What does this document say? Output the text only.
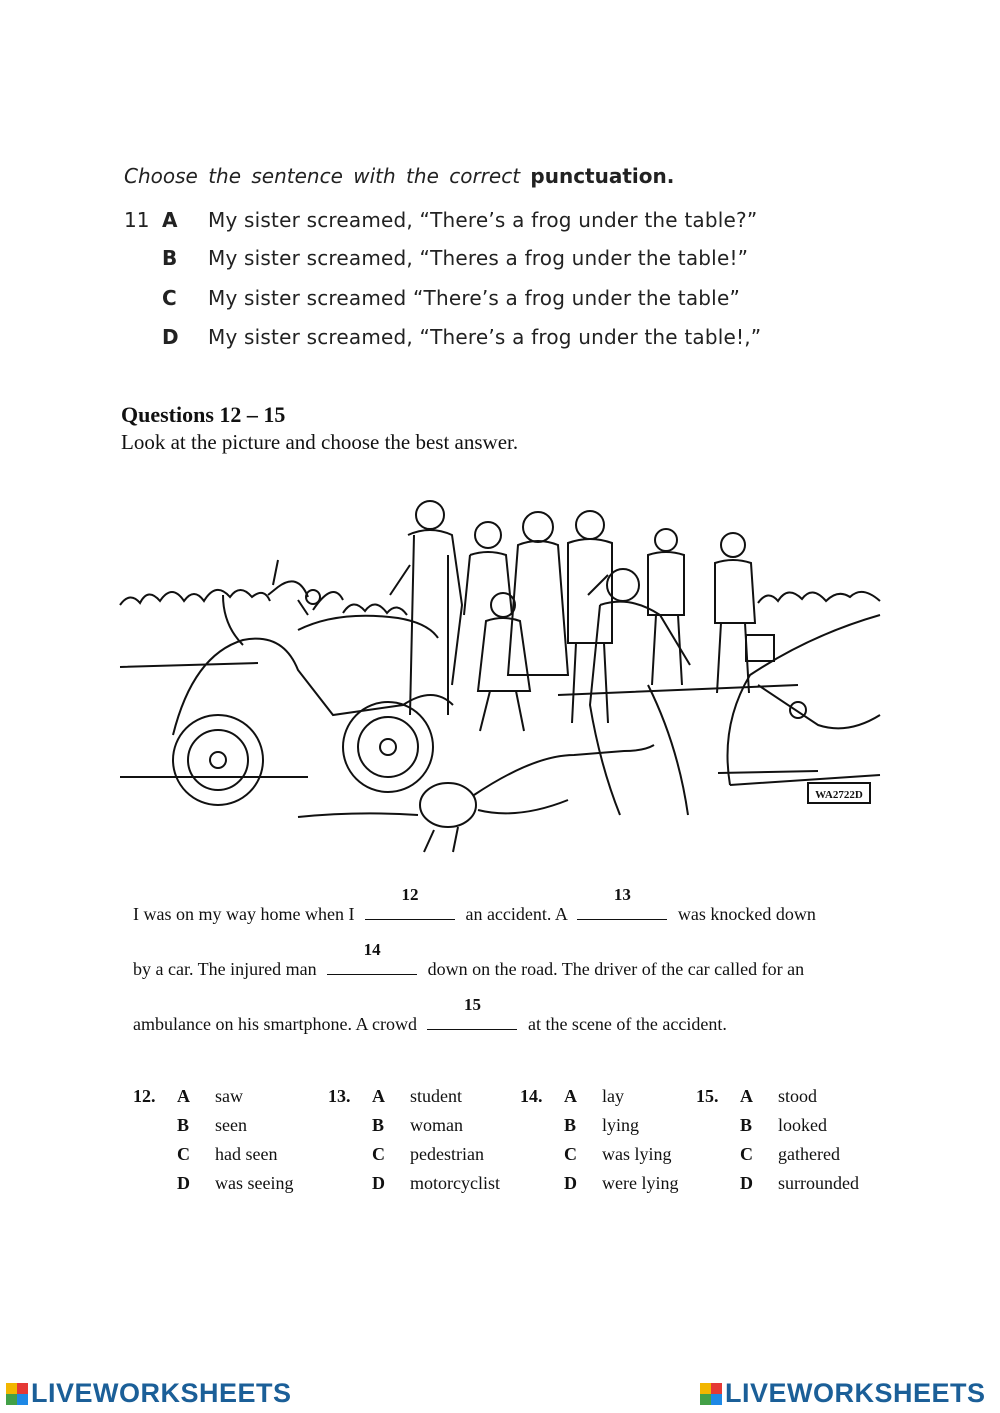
Choose the sentence with the correct punctuation.
11 A My sister screamed, “There’s a frog under the table?”
B My sister screamed, “Theres a frog under the table!”
C My sister screamed “There’s a frog under the table”
D My sister screamed, “There’s a frog under the table!,”
Questions 12 – 15
Look at the picture and choose the best answer.
WA2722D
I was on my way home when I
12
an accident. A
13
was knocked down
by a car. The injured man
14
down on the road. The driver of the car called for an
ambulance on his smartphone. A crowd
15
at the scene of the accident.
12. A saw
B seen
C had seen
D was seeing
13. A student
B woman
C pedestrian
D motorcyclist
14. A lay
B lying
C was lying
D were lying
15. A stood
B looked
C gathered
D surrounded
LIVEWORKSHEETS	LIVEWORKSHEETS
